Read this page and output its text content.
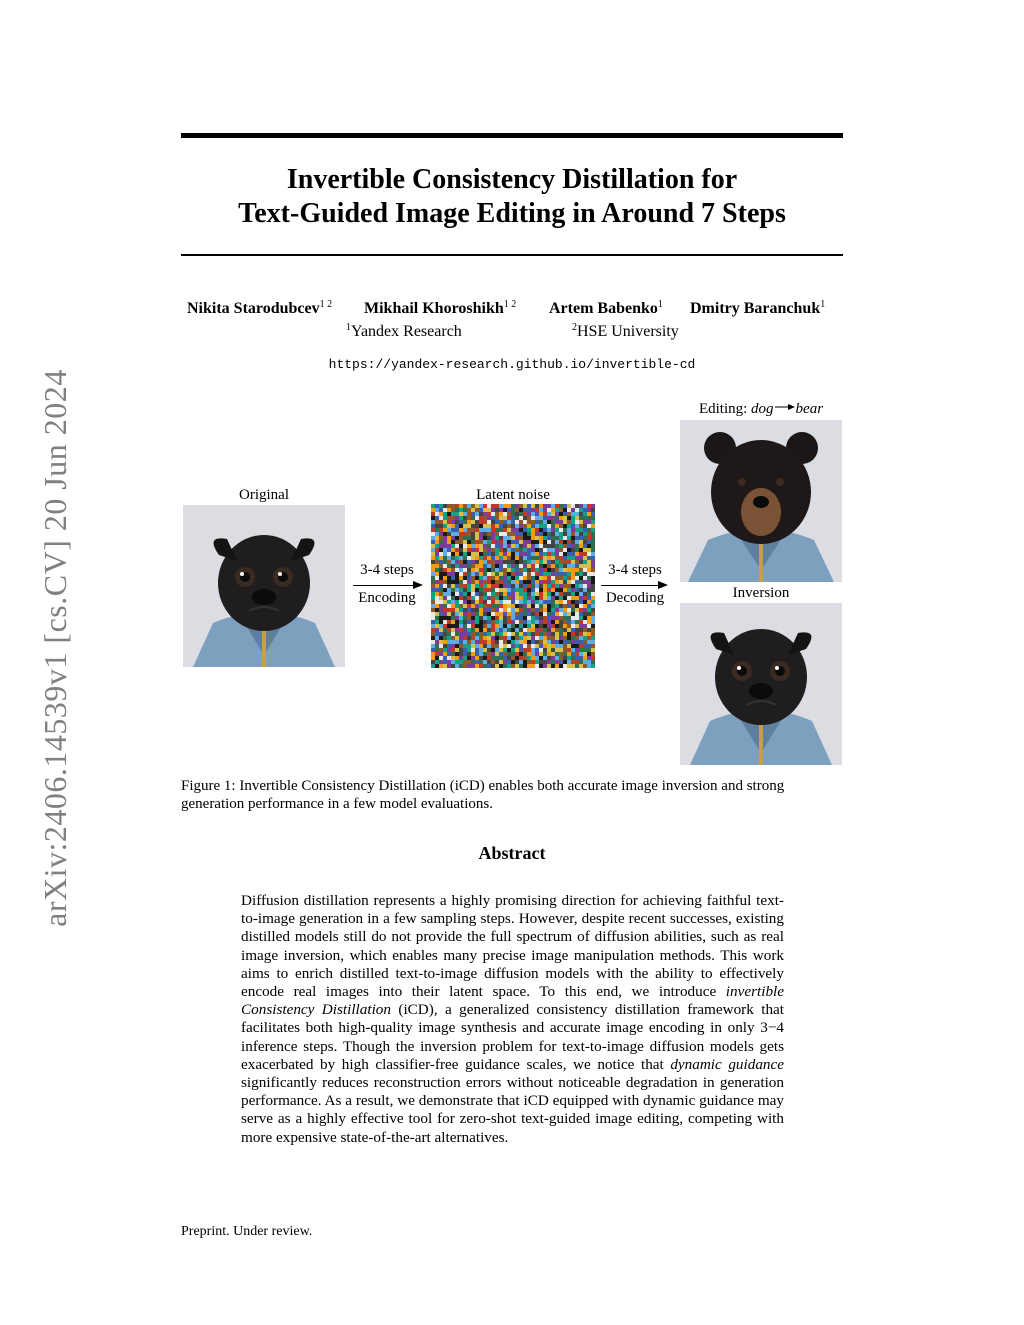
arXiv:2406.14539v1 [cs.CV] 20 Jun 2024
Invertible Consistency Distillation for
Text-Guided Image Editing in Around 7 Steps
Nikita Starodubcev$^{1 2}$ Mikhail Khoroshikh$^{1 2}$ Artem Babenko$^1$ Dmitry Baranchuk$^1$
$^1$Yandex Research	$^2$HSE University
https://yandex-research.github.io/invertible-cd
Original	Latent noise
Editing: dog bear
Inversion
3-4 steps
Encoding
3-4 steps
Decoding
Figure 1: Invertible Consistency Distillation (iCD) enables both accurate image inversion and strong generation performance in a few model evaluations.
Abstract
Diffusion distillation represents a highly promising direction for achieving faithful text-to-image generation in a few sampling steps. However, despite recent successes, existing distilled models still do not provide the full spectrum of diffusion abilities, such as real image inversion, which enables many precise image manipulation methods. This work aims to enrich distilled text-to-image diffusion models with the ability to effectively encode real images into their latent space. To this end, we introduce invertible Consistency Distillation (iCD), a generalized consistency distillation framework that facilitates both high-quality image synthesis and accurate image encoding in only 3−4 inference steps. Though the inversion problem for text-to-image diffusion models gets exacerbated by high classifier-free guidance scales, we notice that dynamic guidance significantly reduces reconstruction errors without noticeable degradation in generation performance. As a result, we demonstrate that iCD equipped with dynamic guidance may serve as a highly effective tool for zero-shot text-guided image editing, competing with more expensive state-of-the-art alternatives.
Preprint. Under review.
